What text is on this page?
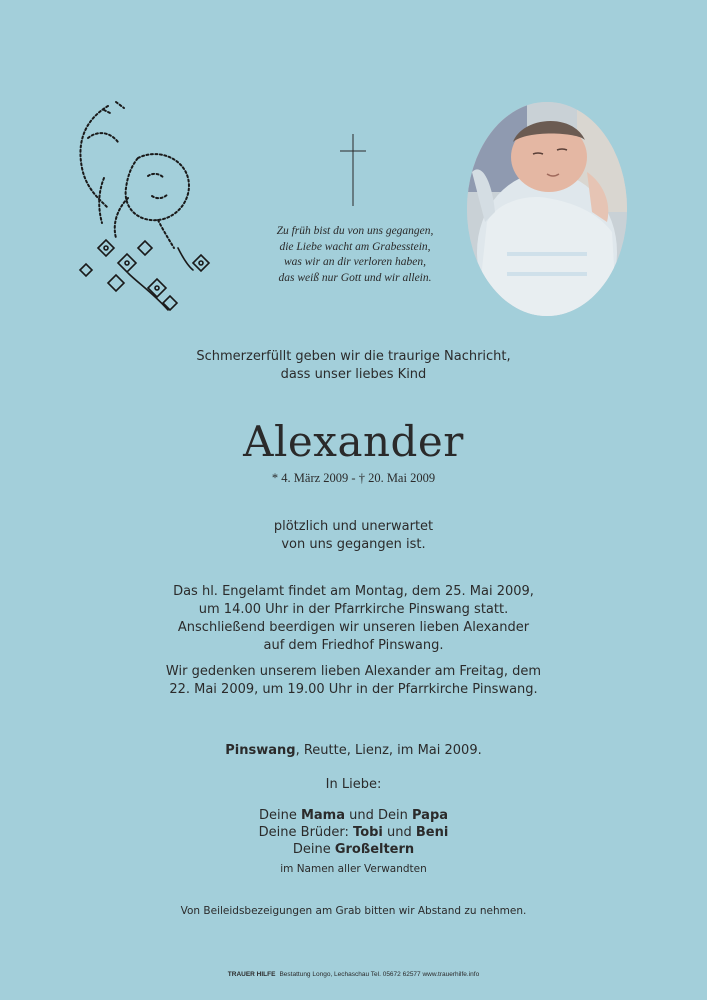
Zu früh bist du von uns gegangen,
die Liebe wacht am Grabesstein,
was wir an dir verloren haben,
das weiß nur Gott und wir allein.
Schmerzerfüllt geben wir die traurige Nachricht,
dass unser liebes Kind
Alexander
* 4. März 2009 - † 20. Mai 2009
plötzlich und unerwartet
von uns gegangen ist.
Das hl. Engelamt findet am Montag, dem 25. Mai 2009,
um 14.00 Uhr in der Pfarrkirche Pinswang statt.
Anschließend beerdigen wir unseren lieben Alexander
auf dem Friedhof Pinswang.
Wir gedenken unserem lieben Alexander am Freitag, dem
22. Mai 2009, um 19.00 Uhr in der Pfarrkirche Pinswang.
Pinswang, Reutte, Lienz, im Mai 2009.
In Liebe:
Deine Mama und Dein Papa
Deine Brüder: Tobi und Beni
Deine Großeltern
im Namen aller Verwandten
Von Beileidsbezeigungen am Grab bitten wir Abstand zu nehmen.
TRAUER HILFE Bestattung Longo, Lechaschau Tel. 05672 62577 www.trauerhilfe.info
